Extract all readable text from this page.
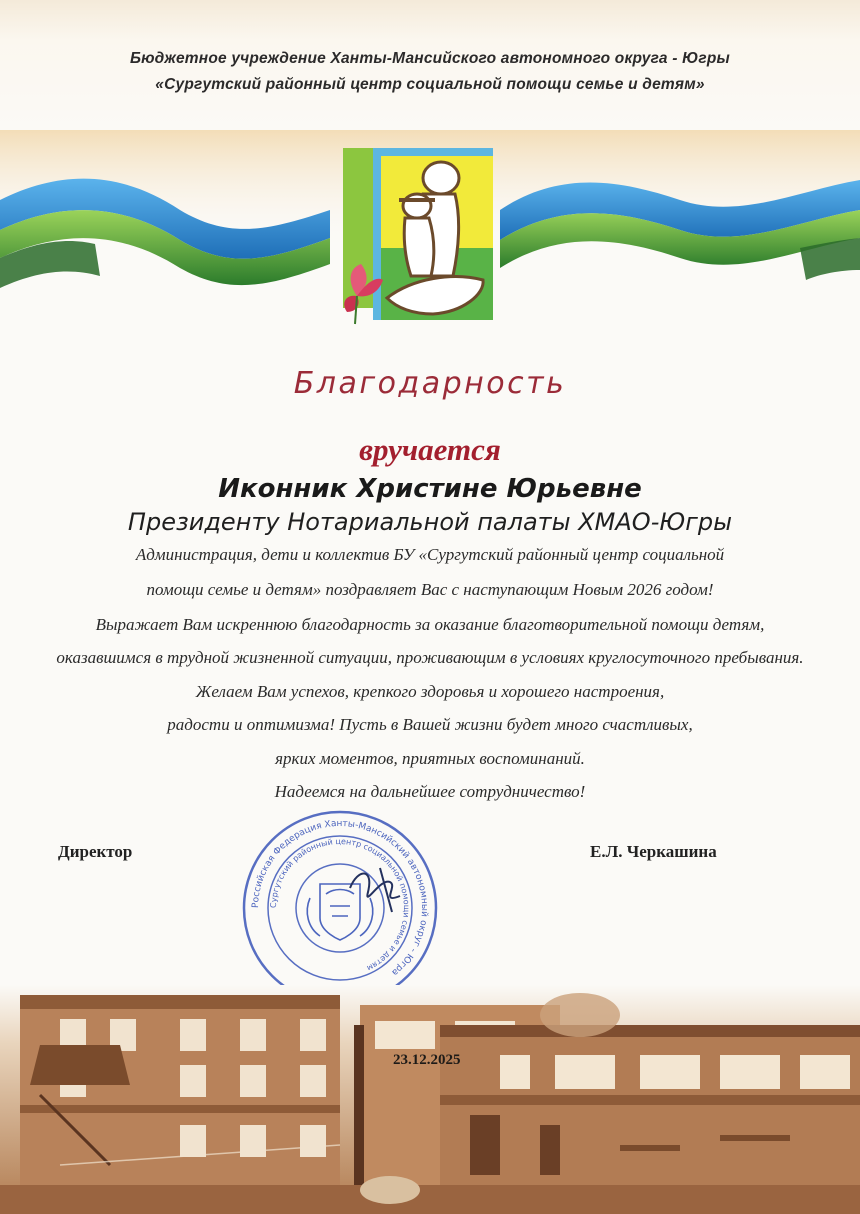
Бюджетное учреждение Ханты-Мансийского автономного округа - Югры
«Сургутский районный центр социальной помощи семье и детям»
Благодарность
вручается
Иконник Христине Юрьевне
Президенту Нотариальной палаты ХМАО-Югры
Администрация, дети и коллектив БУ «Сургутский районный центр социальной
помощи семье и детям» поздравляет Вас с наступающим Новым 2026 годом!
Выражает Вам искреннюю благодарность за оказание благотворительной помощи детям,
оказавшимся в трудной жизненной ситуации, проживающим в условиях круглосуточного пребывания.
Желаем Вам успехов, крепкого здоровья и хорошего настроения,
радости и оптимизма! Пусть в Вашей жизни будет много счастливых,
ярких моментов, приятных воспоминаний.
Надеемся на дальнейшее сотрудничество!
Директор	Е.Л. Черкашина
Российская Федерация Ханты-Мансийский автономный округ - Югра
Сургутский районный центр социальной помощи семье и детям
23.12.2025
